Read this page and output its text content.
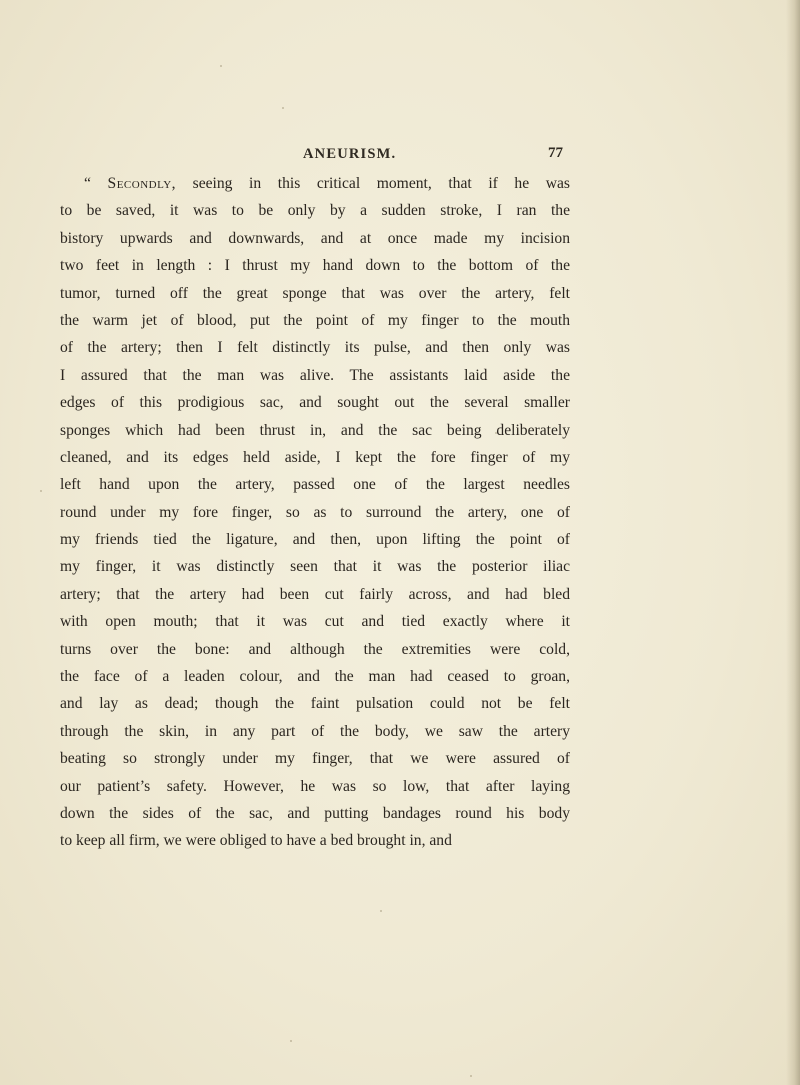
ANEURISM.	77
“ Secondly, seeing in this critical moment, that if he was
to be saved, it was to be only by a sudden stroke, I ran the
bistory upwards and downwards, and at once made my incision
two feet in length : I thrust my hand down to the bottom of the
tumor, turned off the great sponge that was over the artery, felt
the warm jet of blood, put the point of my finger to the mouth
of the artery; then I felt distinctly its pulse, and then only was
I assured that the man was alive. The assistants laid aside the
edges of this prodigious sac, and sought out the several smaller
sponges which had been thrust in, and the sac being deliberately
cleaned, and its edges held aside, I kept the fore finger of my
left hand upon the artery, passed one of the largest needles
round under my fore finger, so as to surround the artery, one of
my friends tied the ligature, and then, upon lifting the point of
my finger, it was distinctly seen that it was the posterior iliac
artery; that the artery had been cut fairly across, and had bled
with open mouth; that it was cut and tied exactly where it
turns over the bone: and although the extremities were cold,
the face of a leaden colour, and the man had ceased to groan,
and lay as dead; though the faint pulsation could not be felt
through the skin, in any part of the body, we saw the artery
beating so strongly under my finger, that we were assured of
our patient’s safety. However, he was so low, that after laying
down the sides of the sac, and putting bandages round his body
to keep all firm, we were obliged to have a bed brought in, and
